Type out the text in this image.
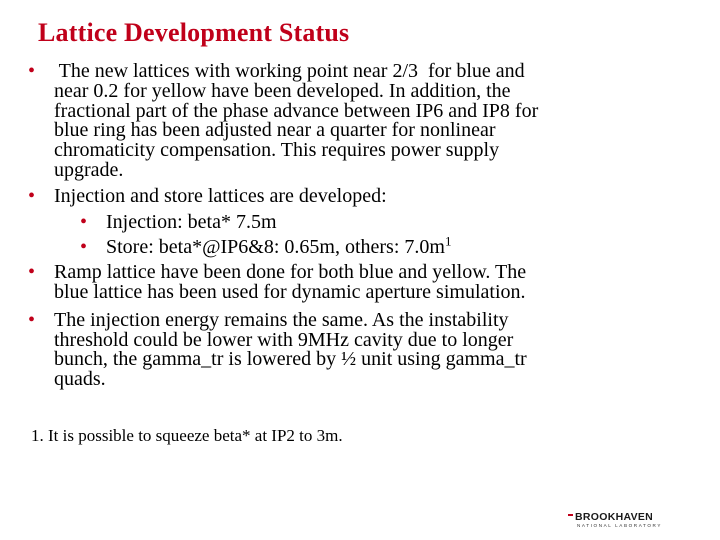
Lattice Development Status
• The new lattices with working point near 2/3  for blue and
near 0.2 for yellow have been developed. In addition, the
fractional part of the phase advance between IP6 and IP8 for
blue ring has been adjusted near a quarter for nonlinear
chromaticity compensation. This requires power supply
upgrade.
• Injection and store lattices are developed:
• Injection: beta* 7.5m
• Store: beta*@IP6&8: 0.65m, others: $7.0m^1$
• Ramp lattice have been done for both blue and yellow. The
blue lattice has been used for dynamic aperture simulation.
• The injection energy remains the same. As the instability
threshold could be lower with 9MHz cavity due to longer
bunch, the gamma_tr is lowered by ½ unit using gamma_tr
quads.
1. It is possible to squeeze beta* at IP2 to 3m.
BROOKHAVEN
NATIONAL LABORATORY
